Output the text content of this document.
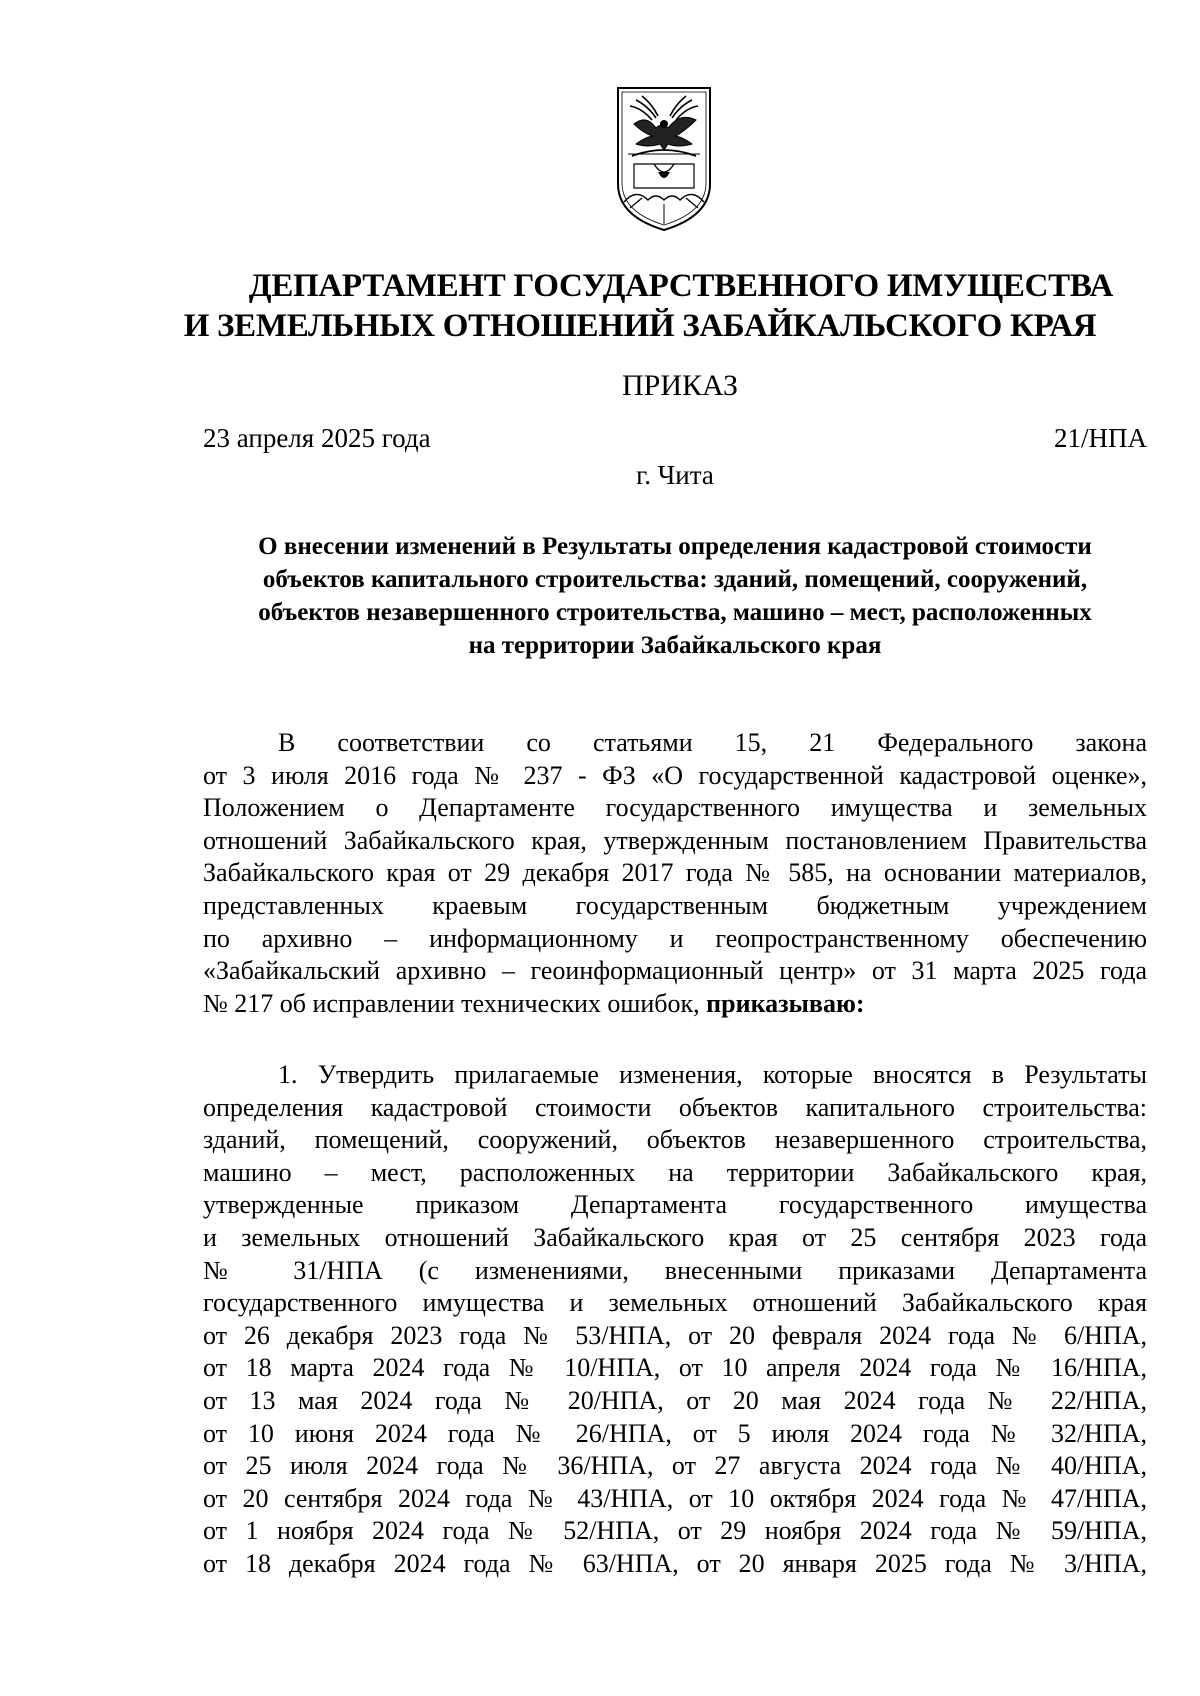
ДЕПАРТАМЕНТ ГОСУДАРСТВЕННОГО ИМУЩЕСТВА
И ЗЕМЕЛЬНЫХ ОТНОШЕНИЙ ЗАБАЙКАЛЬСКОГО КРАЯ
ПРИКАЗ
23 апреля 2025 года	21/НПА
г. Чита
О внесении изменений в Результаты определения кадастровой стоимости
объектов капитального строительства: зданий, помещений, сооружений,
объектов незавершенного строительства, машино – мест, расположенных
на территории Забайкальского края
В соответствии со статьями 15, 21 Федерального закона
от 3 июля 2016 года № 237 - ФЗ «О государственной кадастровой оценке»,
Положением о Департаменте государственного имущества и земельных
отношений Забайкальского края, утвержденным постановлением Правительства
Забайкальского края от 29 декабря 2017 года № 585, на основании материалов,
представленных краевым государственным бюджетным учреждением
по архивно – информационному и геопространственному обеспечению
«Забайкальский архивно – геоинформационный центр» от 31 марта 2025 года
№ 217 об исправлении технических ошибок, приказываю:
1. Утвердить прилагаемые изменения, которые вносятся в Результаты
определения кадастровой стоимости объектов капитального строительства:
зданий, помещений, сооружений, объектов незавершенного строительства,
машино – мест, расположенных на территории Забайкальского края,
утвержденные приказом Департамента государственного имущества
и земельных отношений Забайкальского края от 25 сентября 2023 года
№ 31/НПА (с изменениями, внесенными приказами Департамента
государственного имущества и земельных отношений Забайкальского края
от 26 декабря 2023 года № 53/НПА, от 20 февраля 2024 года № 6/НПА,
от 18 марта 2024 года № 10/НПА, от 10 апреля 2024 года № 16/НПА,
от 13 мая 2024 года № 20/НПА, от 20 мая 2024 года № 22/НПА,
от 10 июня 2024 года № 26/НПА, от 5 июля 2024 года № 32/НПА,
от 25 июля 2024 года № 36/НПА, от 27 августа 2024 года № 40/НПА,
от 20 сентября 2024 года № 43/НПА, от 10 октября 2024 года № 47/НПА,
от 1 ноября 2024 года № 52/НПА, от 29 ноября 2024 года № 59/НПА,
от 18 декабря 2024 года № 63/НПА, от 20 января 2025 года № 3/НПА,
